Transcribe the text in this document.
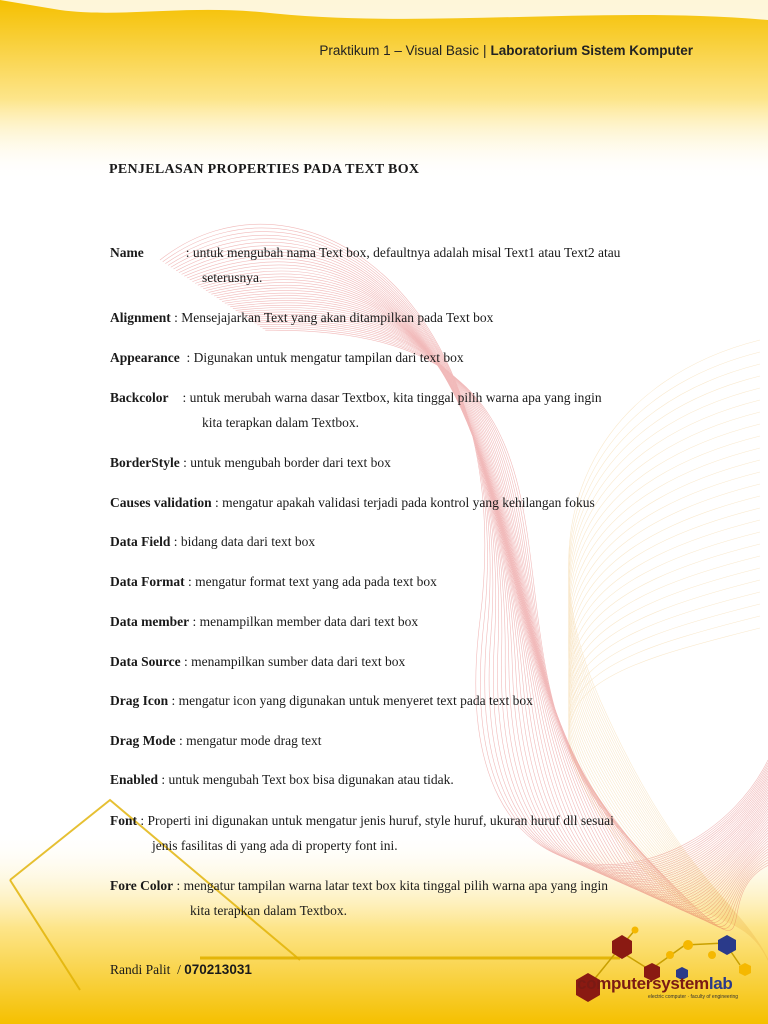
Praktikum 1 – Visual Basic | Laboratorium Sistem Komputer
PENJELASAN PROPERTIES PADA TEXT BOX
Name	: untuk mengubah nama Text box, defaultnya adalah misal Text1 atau Text2 atau
seterusnya.
Alignment : Mensejajarkan Text yang akan ditampilkan pada Text box
Appearance  : Digunakan untuk mengatur tampilan dari text box
Backcolor : untuk merubah warna dasar Textbox, kita tinggal pilih warna apa yang ingin
kita terapkan dalam Textbox.
BorderStyle : untuk mengubah border dari text box
Causes validation : mengatur apakah validasi terjadi pada kontrol yang kehilangan fokus
Data Field : bidang data dari text box
Data Format : mengatur format text yang ada pada text box
Data member : menampilkan member data dari text box
Data Source : menampilkan sumber data dari text box
Drag Icon : mengatur icon yang digunakan untuk menyeret text pada text box
Drag Mode : mengatur mode drag text
Enabled : untuk mengubah Text box bisa digunakan atau tidak.
Font : Properti ini digunakan untuk mengatur jenis huruf, style huruf, ukuran huruf dll sesuai
jenis fasilitas di yang ada di property font ini.
Fore Color : mengatur tampilan warna latar text box kita tinggal pilih warna apa yang ingin
kita terapkan dalam Textbox.
Randi Palit / 070213031
computersystemlab
electric computer · faculty of engineering
